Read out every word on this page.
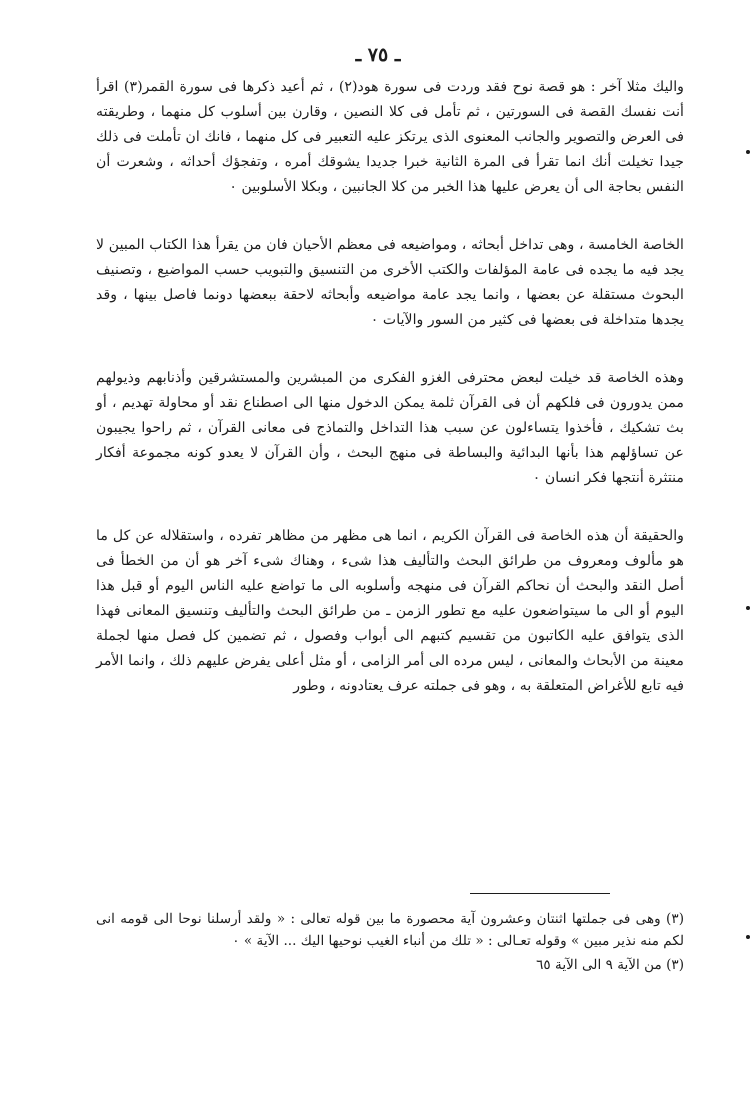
ـ ٧٥ ـ

واليك مثلا آخر : هو قصة نوح فقد وردت فى سورة هود(٢) ، ثم أعيد ذكرها فى سورة القمر(٣) اقرأ أنت نفسك القصة فى السورتين ، ثم تأمل فى كلا النصين ، وقارن بين أسلوب كل منهما ، وطريقته فى العرض والتصوير والجانب المعنوى الذى يرتكز عليه التعبير فى كل منهما ، فانك ان تأملت فى ذلك جيدا تخيلت أنك انما تقرأ فى المرة الثانية خبرا جديدا يشوقك أمره ، وتفجؤك أحداثه ، وشعرت أن النفس بحاجة الى أن يعرض عليها هذا الخبر من كلا الجانبين ، وبكلا الأسلوبين ٠

الخاصة الخامسة ، وهى تداخل أبحاثه ، ومواضيعه فى معظم الأحيان فان من يقرأ هذا الكتاب المبين لا يجد فيه ما يجده فى عامة المؤلفات والكتب الأخرى من التنسيق والتبويب حسب المواضيع ، وتصنيف البحوث مستقلة عن بعضها ، وانما يجد عامة مواضيعه وأبحاثه لاحقة ببعضها دونما فاصل بينها ، وقد يجدها متداخلة فى بعضها فى كثير من السور والآيات ٠

وهذه الخاصة قد خيلت لبعض محترفى الغزو الفكرى من المبشرين والمستشرقين وأذنابهم وذيولهم ممن يدورون فى فلكهم أن فى القرآن ثلمة يمكن الدخول منها الى اصطناع نقد أو محاولة تهديم ، أو بث تشكيك ، فأخذوا يتساءلون عن سبب هذا التداخل والتماذج فى معانى القرآن ، ثم راحوا يجيبون عن تساؤلهم هذا بأنها البدائية والبساطة فى منهج البحث ، وأن القرآن لا يعدو كونه مجموعة أفكار منتثرة أنتجها فكر انسان ٠

والحقيقة أن هذه الخاصة فى القرآن الكريم ، انما هى مظهر من مظاهر تفرده ، واستقلاله عن كل ما هو مألوف ومعروف من طرائق البحث والتأليف هذا شىء ، وهناك شىء آخر هو أن من الخطأ فى أصل النقد والبحث أن نحاكم القرآن فى منهجه وأسلوبه الى ما تواضع عليه الناس اليوم أو قبل هذا اليوم أو الى ما سيتواضعون عليه مع تطور الزمن ـ من طرائق البحث والتأليف وتنسيق المعانى فهذا الذى يتوافق عليه الكاتبون من تقسيم كتبهم الى أبواب وفصول ، ثم تضمين كل فصل منها لجملة معينة من الأبحاث والمعانى ، ليس مرده الى أمر الزامى ، أو مثل أعلى يفرض عليهم ذلك ، وانما الأمر فيه تابع للأغراض المتعلقة به ، وهو فى جملته عرف يعتادونه ، وطور

(٣) وهى فى جملتها اثنتان وعشرون آية محصورة ما بين قوله تعالى : « ولقد أرسلنا نوحا الى قومه انى لكم منه نذير مبين » وقوله تعـالى : « تلك من أنباء الغيب نوحيها اليك ... الآية » ٠

(٣) من الآية ٩ الى الآية ٦٥
